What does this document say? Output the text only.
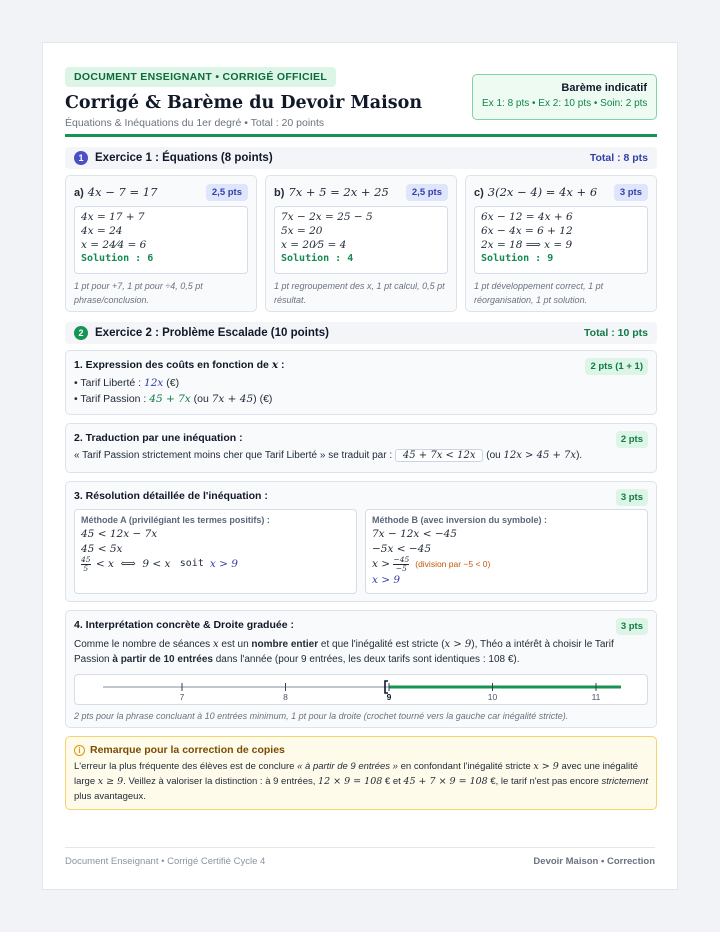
DOCUMENT ENSEIGNANT • CORRIGÉ OFFICIEL
Corrigé & Barème du Devoir Maison
Équations & Inéquations du 1er degré • Total : 20 points
Barème indicatif
Ex 1: 8 pts • Ex 2: 10 pts • Soin: 2 pts
1	Exercice 1 : Équations (8 points)	Total : 8 pts
a) 4x − 7 = 17	2,5 pts
4x = 17 + 7
4x = 24
x = 24⁄4 = 6
Solution : 6
1 pt pour +7, 1 pt pour ÷4, 0,5 pt phrase/conclusion.
b) 7x + 5 = 2x + 25	2,5 pts
7x − 2x = 25 − 5
5x = 20
x = 20⁄5 = 4
Solution : 4
1 pt regroupement des x, 1 pt calcul, 0,5 pt résultat.
c) 3(2x − 4) = 4x + 6	3 pts
6x − 12 = 4x + 6
6x − 4x = 6 + 12
2x = 18 ⟹ x = 9
Solution : 9
1 pt développement correct, 1 pt réorganisation, 1 pt solution.
2	Exercice 2 : Problème Escalade (10 points)	Total : 10 pts
1. Expression des coûts en fonction de x :	2 pts (1 + 1)
• Tarif Liberté : 12x (€)
• Tarif Passion : 45 + 7x (ou 7x + 45) (€)
2. Traduction par une inéquation :	2 pts
« Tarif Passion strictement moins cher que Tarif Liberté » se traduit par : 45 + 7x < 12x (ou 12x > 45 + 7x).
3. Résolution détaillée de l'inéquation :	3 pts
Méthode A (privilégiant les termes positifs) :
45 < 12x − 7x
45 < 5x
45
5 < x  ⟺  9 < x soit x > 9
Méthode B (avec inversion du symbole) :
7x − 12x < −45
−5x < −45
x > −45
−5 (division par −5 < 0)
x > 9
4. Interprétation concrète & Droite graduée :	3 pts
Comme le nombre de séances x est un nombre entier et que l'inégalité est stricte (x > 9), Théo a intérêt à choisir le Tarif Passion à partir de 10 entrées dans l'année (pour 9 entrées, les deux tarifs sont identiques : 108 €).
7	8	9	10	11
2 pts pour la phrase concluant à 10 entrées minimum, 1 pt pour la droite (crochet tourné vers la gauche car inégalité stricte).
i Remarque pour la correction de copies
L'erreur la plus fréquente des élèves est de conclure « à partir de 9 entrées » en confondant l'inégalité stricte x > 9 avec une inégalité large x ≥ 9. Veillez à valoriser la distinction : à 9 entrées, 12 × 9 = 108 € et 45 + 7 × 9 = 108 €, le tarif n'est pas encore strictement plus avantageux.
Document Enseignant • Corrigé Certifié Cycle 4	Devoir Maison • Correction
